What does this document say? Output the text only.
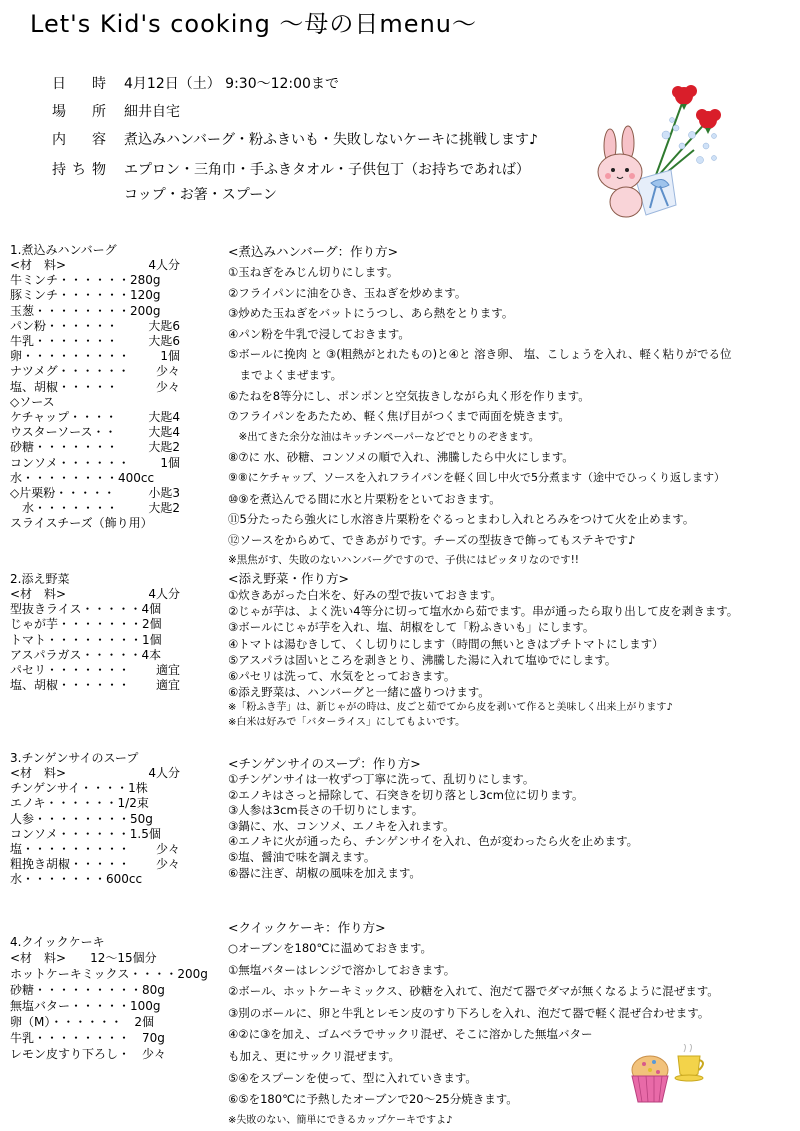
Let's Kid's cooking ～母の日menu～
日　時 4月12日（土） 9:30～12:00まで
場　所 細井自宅
内　容 煮込みハンバーグ・粉ふきいも・失敗しないケーキに挑戦します♪
持ち物 エプロン・三角巾・手ふきタオル・子供包丁（お持ちであれば）
コップ・お箸・スプーン
1.煮込みハンバーグ
<材　料>	4人分
牛ミンチ・・・・・・280g
豚ミンチ・・・・・・120g
玉葱・・・・・・・・200g
パン粉・・・・・・	大匙6
牛乳・・・・・・・	大匙6
卵・・・・・・・・・	1個
ナツメグ・・・・・・ 少々
塩、胡椒・・・・・	少々
◇ソース
ケチャップ・・・・	大匙4
ウスターソース・・	大匙4
砂糖・・・・・・・	大匙2
コンソメ・・・・・・	1個
水・・・・・・・・400cc
◇片栗粉・・・・・	小匙3
　水・・・・・・・	大匙2
スライスチーズ（飾り用）
<煮込みハンバーグ：作り方>
①玉ねぎをみじん切りにします。
②フライパンに油をひき、玉ねぎを炒めます。
③炒めた玉ねぎをバットにうつし、あら熱をとります。
④パン粉を牛乳で浸しておきます。
⑤ボールに挽肉 と ③(粗熱がとれたもの)と④と 溶き卵、 塩、こしょうを入れ、軽く粘りがでる位
　までよくまぜます。
⑥たねを8等分にし、ポンポンと空気抜きしながら丸く形を作ります。
⑦フライパンをあたため、軽く焦げ目がつくまで両面を焼きます。
　※出てきた余分な油はキッチンペーパーなどでとりのぞきます。
⑧⑦に 水、砂糖、コンソメの順で入れ、沸騰したら中火にします。
⑨⑧にケチャップ、ソースを入れフライパンを軽く回し中火で5分煮ます（途中でひっくり返します）
⑩⑨を煮込んでる間に水と片栗粉をといておきます。
⑪5分たったら強火にし水溶き片栗粉をぐるっとまわし入れとろみをつけて火を止めます。
⑫ソースをからめて、できあがりです。チーズの型抜きで飾ってもステキです♪
※黒焦がす、失敗のないハンバーグですので、子供にはピッタリなのです!!
2.添え野菜
<材　料>	4人分
型抜きライス・・・・・4個
じゃが芋・・・・・・・2個
トマト・・・・・・・・1個
アスパラガス・・・・・4本
パセリ・・・・・・・ 適宜
塩、胡椒・・・・・・ 適宜
<添え野菜・作り方>
①炊きあがった白米を、好みの型で抜いておきます。
②じゃが芋は、よく洗い4等分に切って塩水から茹でます。串が通ったら取り出して皮を剥きます。
③ボールにじゃが芋を入れ、塩、胡椒をして「粉ふきいも」にします。
④トマトは湯むきして、くし切りにします（時間の無いときはプチトマトにします）
⑤アスパラは固いところを剥きとり、沸騰した湯に入れて塩ゆでにします。
⑥パセリは洗って、水気をとっておきます。
⑥添え野菜は、ハンバーグと一緒に盛りつけます。
※「粉ふき芋」は、新じゃがの時は、皮ごと茹でてから皮を剥いて作ると美味しく出来上がります♪
※白米は好みで「バターライス」にしてもよいです。
3.チンゲンサイのスープ
<材　料>	4人分
チンゲンサイ・・・・1株
エノキ・・・・・・1/2束
人参・・・・・・・・50g
コンソメ・・・・・・1.5個
塩・・・・・・・・・ 少々
粗挽き胡椒・・・・・ 少々
水・・・・・・・600cc
<チンゲンサイのスープ：作り方>
①チンゲンサイは一枚ずつ丁寧に洗って、乱切りにします。
②エノキはさっと掃除して、石突きを切り落とし3cm位に切ります。
③人参は3cm長さの千切りにします。
③鍋に、水、コンソメ、エノキを入れます。
④エノキに火が通ったら、チンゲンサイを入れ、色が変わったら火を止めます。
⑤塩、醤油で味を調えます。
⑥器に注ぎ、胡椒の風味を加えます。
4.クイックケーキ
<材　料>　　12～15個分
ホットケーキミックス・・・・200g
砂糖・・・・・・・・・80g
無塩バター・・・・・100g
卵（M）・・・・・・　2個
牛乳・・・・・・・・　70g
レモン皮すり下ろし・　少々
<クイックケーキ：作り方>
○オーブンを180℃に温めておきます。
①無塩バターはレンジで溶かしておきます。
②ボール、ホットケーキミックス、砂糖を入れて、泡だて器でダマが無くなるように混ぜます。
③別のボールに、卵と牛乳とレモン皮のすり下ろしを入れ、泡だて器で軽く混ぜ合わせます。
④②に③を加え、ゴムベラでサックリ混ぜ、そこに溶かした無塩バター
も加え、更にサックリ混ぜます。
⑤④をスプーンを使って、型に入れていきます。
⑥⑤を180℃に予熱したオーブンで20～25分焼きます。
※失敗のない、簡単にできるカップケーキですよ♪
